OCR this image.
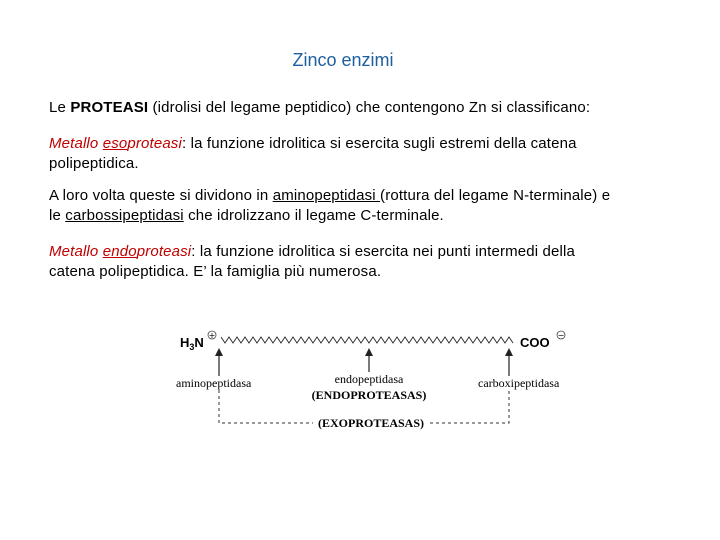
Zinco enzimi
Le PROTEASI (idrolisi del legame peptidico) che contengono Zn si classificano:
Metallo esoproteasi: la funzione idrolitica si esercita sugli estremi della catena
polipeptidica.
A loro volta queste si dividono in aminopeptidasi (rottura del legame N-terminale) e
le carbossipeptidasi che idrolizzano il legame C-terminale.
Metallo endoproteasi: la funzione idrolitica si esercita nei punti intermedi della
catena polipeptidica. E’ la famiglia più numerosa.
$H_3N$ +	COO −
aminopeptidasa	endopeptidasa
(ENDOPROTEASAS)
carboxipeptidasa
(EXOPROTEASAS)
